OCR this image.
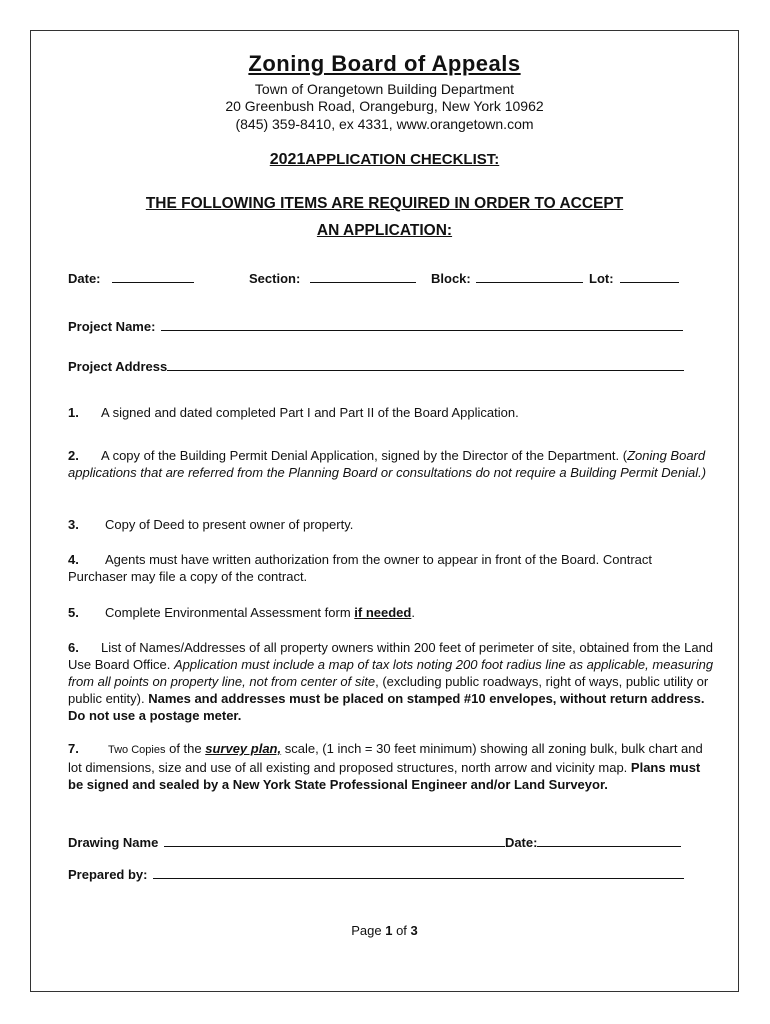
Zoning Board of Appeals
Town of Orangetown Building Department
20 Greenbush Road, Orangeburg, New York 10962
(845) 359-8410, ex 4331, www.orangetown.com
2021APPLICATION CHECKLIST:
THE FOLLOWING ITEMS ARE REQUIRED IN ORDER TO ACCEPT
AN APPLICATION:
Date:	Section:	Block:	Lot:
Project Name:
Project Address
1. A signed and dated completed Part I and Part II of the Board Application.
2. A copy of the Building Permit Denial Application, signed by the Director of the Department. (Zoning Board applications that are referred from the Planning Board or consultations do not require a Building Permit Denial.)
3. Copy of Deed to present owner of property.
4. Agents must have written authorization from the owner to appear in front of the Board. Contract Purchaser may file a copy of the contract.
5. Complete Environmental Assessment form if needed.
6. List of Names/Addresses of all property owners within 200 feet of perimeter of site, obtained from the Land Use Board Office. Application must include a map of tax lots noting 200 foot radius line as applicable, measuring from all points on property line, not from center of site, (excluding public roadways, right of ways, public utility or public entity). Names and addresses must be placed on stamped #10 envelopes, without return address. Do not use a postage meter.
7.	Two Copies of the survey plan, scale, (1 inch = 30 feet minimum) showing all zoning bulk, bulk chart and lot dimensions, size and use of all existing and proposed structures, north arrow and vicinity map. Plans must be signed and sealed by a New York State Professional Engineer and/or Land Surveyor.
Drawing Name	Date:
Prepared by:
Page 1 of 3
